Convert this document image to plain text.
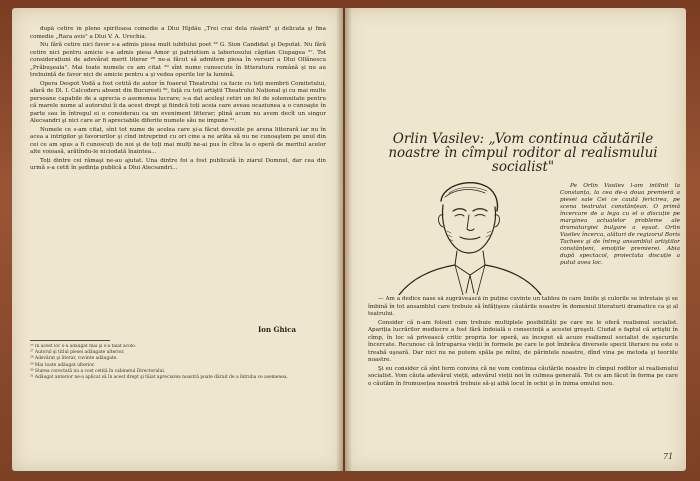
după cetire în pleno spiritoasa comedie a Dlui Hijdău „Trei crai dela răsărit" şi delicata şi fina comedie „Rara avis" a Dlui V. A. Urechia.

Nu fără cetire nici favor s-a admis piesa mult iubitului poet ²⁶ G. Sion Candidat şi Deputat. Nu fără cetire nici pentru amicie s-a admis piesa Amor şi patriotism a laboriosului căpitan Ciupagea ²⁷. Tot considerațiuni de adevărat merit literar ²⁸ ne-a făcut să admitem piesa în versuri a Dlui Ollănescu „Prăbuşeala". Mai toate numele ce am citat ²⁹ sînt nume cunoscute în litteratura română şi nu au trebuință de favor nici de amicie pentru a şi vedea operile lor la lumină.

Opera Despot Vodă a fost cetită de autor în foaerul Theatrului ca facie cu toți membrii Comitetului, afară de Dl. I. Calcoderu absent din Bucuresti ³⁰, față cu toți artiştii Theatrului Național şi cu mai multe persoane capabile de a aprecia o asemenea lucrare; s-a dat aceleşi cetiri un fel de solemnitate pentru că marele nume al autorului îi da acest drept şi fiindcă toți aceia care aveau ocaziunea a o cunoaşte în parte sau în întregul ei o considerau ca un eveniment litterar; plină acum nu avem decît un singur Alecsandri şi nici care ar fi apreciabile diferite numele său ne impune ³¹.

Numele ce s-am citat, sînt tot nume de acelea care şi-a făcut dovezile pe arena litterară iar nu în acea a intrigilor şi favorurilor şi cînd intreprind cu ori cine a ne arăta să nu ne cunoaştem pe unul din cei ce am spus a fi cunoscuți de noi şi de toți mai mulți ne-ai pus în cîtva la o operă de meritul acelor alte voioasă, arătîndu-le niciodată înaintea...

Toți dintre cei rămaşi ne-au ajutat. Una dintre foi a fost publicată în ziarul Domnul, dar cea din urmă s-a cetit în şedința publică a Dlui Alecsandri...

Ion Ghica
²⁶ În acest loc s-a adăugat mai şi s-a tăiat acolo.
²⁷ Autorul şi titlul piesei adăugate ulterior.
²⁸ Adevărat şi literar, cuvinte adăugate.
²⁹ Mai toate adăugat ulterior.
³⁰ Starea corectată nu a cost cetită în cabinetul Directorului.
³¹ Adăugat anterior ne-a aplicat să în acest drept şi tăiat apreciarea noastră poate dăruit de a întruba ce asemenea.
Orlin Vasilev: „Vom continua căutările noastre în cîmpul roditor al realismului socialist"

Pe Orlin Vasilev l-am întîlnit la Constanța, la cea de-a doua premieră a piesei sale Cei ce caută fericirea, pe scena teatrului constănțean. O primă încercare de a lega cu el o discuție pe marginea actualelor probleme ale dramaturgiei bulgare a eşuat. Orlin Vasilev încerca, alături de regizorul Boris Tacheev şi de întreg ansamblul artiştilor constănțeni, emoțiile premierei. Abia după spectacol, proiectata discuție a putut avea loc.

— Am a dedice nase să zugrăvească în puține cuvinte un tablou în care liniile şi culorile se întretaie şi se îmbină în tot ansamblul care trebuie să înfățişeze căutările noastre în domeniul literaturii dramatice ca şi al teatrului.

Consider că n-am folosit cum trebuie multiplele posibilități pe care ne le oferă realismul socialist. Apariția lucrărilor mediocre a fost fără îndoială o consecință a acestei greşeli. Ciudat e faptul că artiştii în cîmp, în loc să privească critic propria lor operă, au început să acuze realismul socialist de eşecurile încercate. Recunosc că întruparea vieții în formele pe care le pot îmbrăca diversele specii literare nu este o treabă uşoară. Dar nici nu ne putem spăla pe mîini, de părintele noastre, dînd vina pe metoda şi teoriile noastre.

Şi eu consider că sînt ferm convins că ne vom continua căutările noastre în cîmpul roditor al realismului socialist. Vom căuta adevărul vieții, adevărul vieții noi în culmea generală. Tot ce am făcut în forma pe care o căutăm în frumusețea noastră trebuie să-şi aibă locul în ochii şi în inima omului nou.

71
